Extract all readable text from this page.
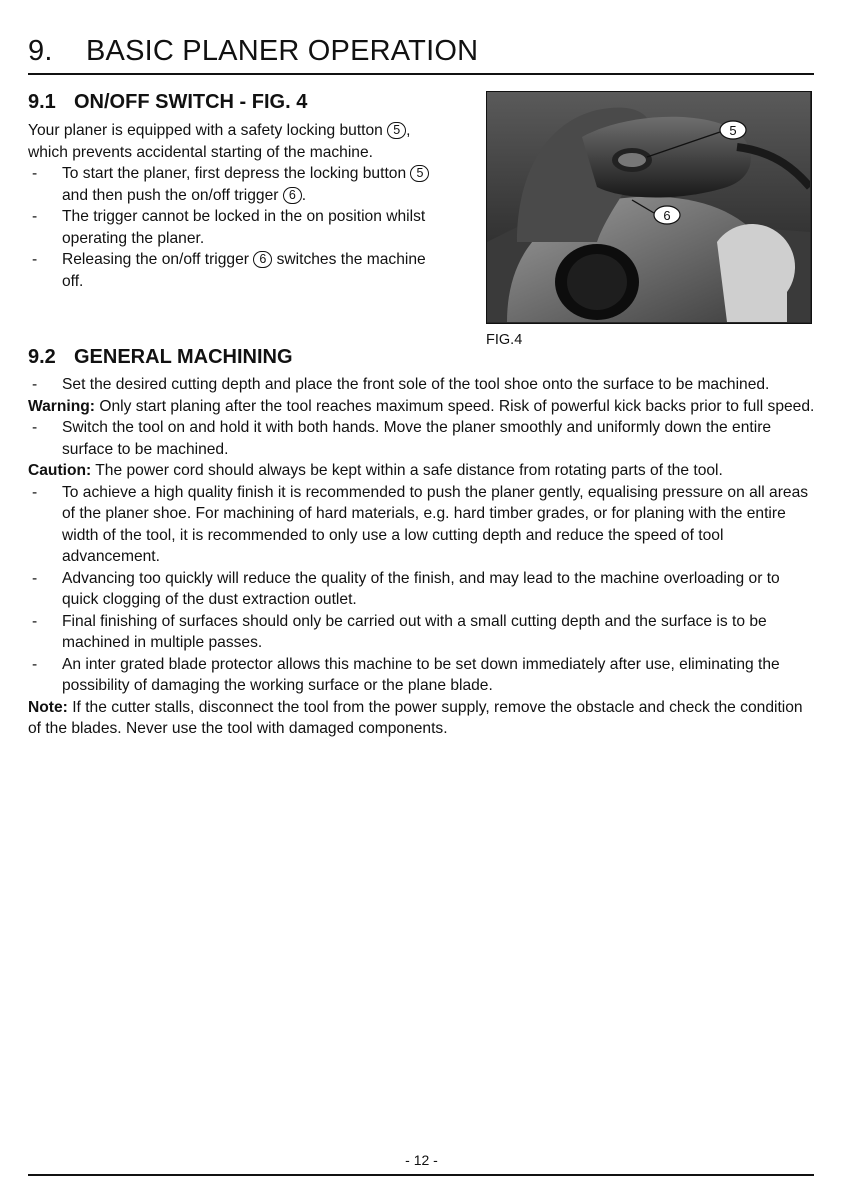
9. BASIC PLANER OPERATION
9.1 ON/OFF SWITCH - FIG. 4

Your planer is equipped with a safety locking button 5 , which prevents accidental starting of the machine.

- To start the planer, first depress the locking button 5 and then push the on/off trigger 6 .

- The trigger cannot be locked in the on position whilst operating the planer.

- Releasing the on/off trigger 6 switches the machine off.

5
6
FIG.4
9.2 GENERAL MACHINING

- Set the desired cutting depth and place the front sole of the tool shoe onto the surface to be machined.

Warning: Only start planing after the tool reaches maximum speed. Risk of powerful kick backs prior to full speed.

- Switch the tool on and hold it with both hands. Move the planer smoothly and uniformly down the entire surface to be machined.

Caution: The power cord should always be kept within a safe distance from rotating parts of the tool.

- To achieve a high quality finish it is recommended to push the planer gently, equalising pressure on all areas of the planer shoe. For machining of hard materials, e.g. hard timber grades, or for planing with the entire width of the tool, it is recommended to only use a low cutting depth and reduce the speed of tool advancement.

- Advancing too quickly will reduce the quality of the finish, and may lead to the machine overloading or to quick clogging of the dust extraction outlet.

- Final finishing of surfaces should only be carried out with a small cutting depth and the surface is to be machined in multiple passes.

- An inter grated blade protector allows this machine to be set down immediately after use, eliminating the possibility of damaging the working surface or the plane blade.

Note: If the cutter stalls, disconnect the tool from the power supply, remove the obstacle and check the condition of the blades. Never use the tool with damaged components.

- 12 -
